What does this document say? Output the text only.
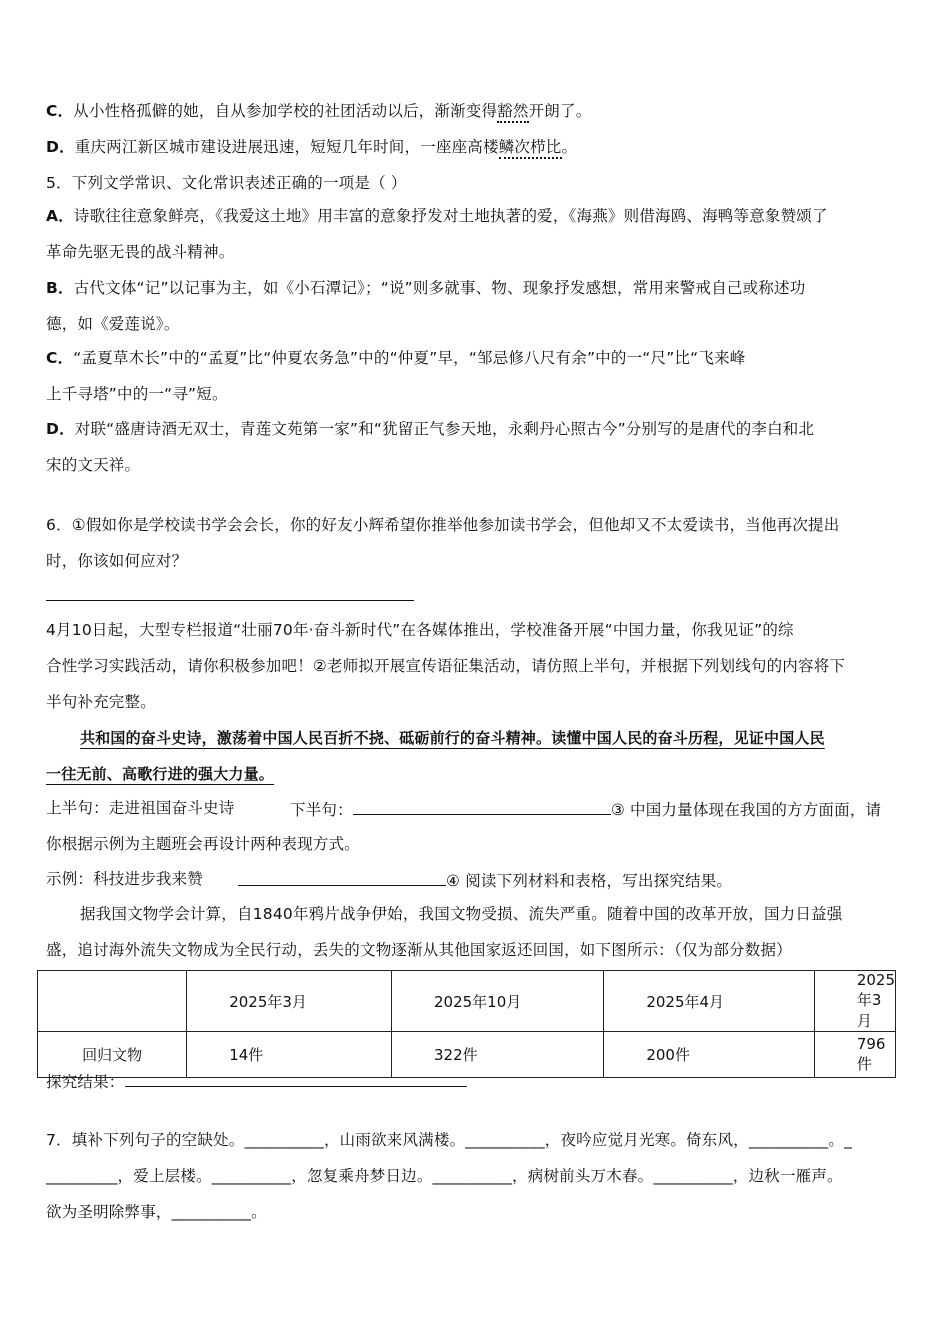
C．从小性格孤僻的她，自从参加学校的社团活动以后，渐渐变得豁然开朗了。
D．重庆两江新区城市建设进展迅速，短短几年时间，一座座高楼鳞次栉比。
5．下列文学常识、文化常识表述正确的一项是（ ）
A．诗歌往往意象鲜亮，《我爱这土地》用丰富的意象抒发对土地执著的爱，《海燕》则借海鸥、海鸭等意象赞颂了
革命先驱无畏的战斗精神。
B．古代文体“记”以记事为主，如《小石潭记》；“说”则多就事、物、现象抒发感想，常用来警戒自己或称述功
德，如《爱莲说》。
C．“孟夏草木长”中的“孟夏”比“仲夏农务急”中的“仲夏”早，“邹忌修八尺有余”中的一“尺”比“飞来峰
上千寻塔”中的一“寻”短。
D．对联“盛唐诗酒无双士，青莲文苑第一家”和“犹留正气参天地，永剩丹心照古今”分别写的是唐代的李白和北
宋的文天祥。
6．①假如你是学校读书学会会长，你的好友小辉希望你推举他参加读书学会，但他却又不太爱读书，当他再次提出
时，你该如何应对？
4月10日起，大型专栏报道“壮丽70年·奋斗新时代”在各媒体推出，学校准备开展“中国力量，你我见证”的综
合性学习实践活动，请你积极参加吧！②老师拟开展宣传语征集活动，请仿照上半句，并根据下列划线句的内容将下
半句补充完整。
共和国的奋斗史诗，激荡着中国人民百折不挠、砥砺前行的奋斗精神。读懂中国人民的奋斗历程，见证中国人民
一往无前、高歌行进的强大力量。
上半句：走进祖国奋斗史诗	下半句：	③ 中国力量体现在我国的方方面面，请
你根据示例为主题班会再设计两种表现方式。
示例：科技进步我来赞	④ 阅读下列材料和表格，写出探究结果。
据我国文物学会计算，自1840年鸦片战争伊始，我国文物受损、流失严重。随着中国的改革开放，国力日益强
盛，追讨海外流失文物成为全民行动，丢失的文物逐渐从其他国家返还回国，如下图所示：（仅为部分数据）
	2025年3月	2025年10月	2025年4月	2025年3月
回归文物	14件	322件	200件	796件
探究结果：
7．填补下列句子的空缺处。__________，山雨欲来风满楼。__________，夜吟应觉月光寒。倚东风，__________。_
_________，爱上层楼。__________，忽复乘舟梦日边。__________，病树前头万木春。__________，边秋一雁声。
欲为圣明除弊事，__________。
